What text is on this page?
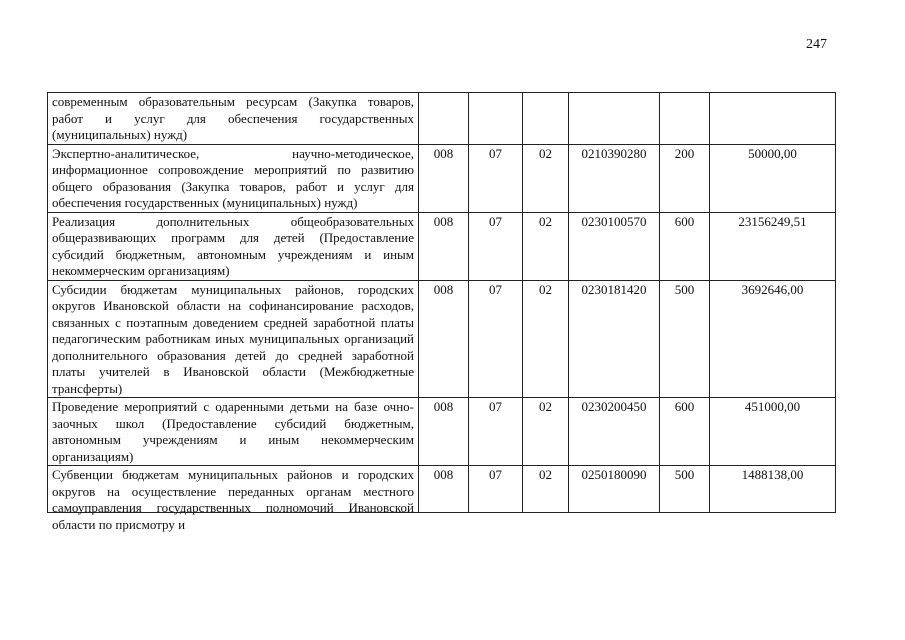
247
современным образовательным ресурсам (Закупка товаров, работ и услуг для обеспечения государственных (муниципальных) нужд)						
Экспертно-аналитическое, научно-методическое, информационное сопровождение мероприятий по развитию общего образования (Закупка товаров, работ и услуг для обеспечения государственных (муниципальных) нужд)	008	07	02	0210390280	200	50000,00
Реализация дополнительных общеобразовательных общеразвивающих программ для детей (Предоставление субсидий бюджетным, автономным учреждениям и иным некоммерческим организациям)	008	07	02	0230100570	600	23156249,51
Субсидии бюджетам муниципальных районов, городских округов Ивановской области на софинансирование расходов, связанных с поэтапным доведением средней заработной платы педагогическим работникам иных муниципальных организаций дополнительного образования детей до средней заработной платы учителей в Ивановской области (Межбюджетные трансферты)	008	07	02	0230181420	500	3692646,00
Проведение мероприятий с одаренными детьми на базе очно-заочных школ (Предоставление субсидий бюджетным, автономным учреждениям и иным некоммерческим организациям)	008	07	02	0230200450	600	451000,00

Субвенции бюджетам муниципальных районов и городских округов на осуществление переданных органам местного самоуправления государственных полномочий Ивановской области по присмотру и	008	07	02	0250180090	500	1488138,00
